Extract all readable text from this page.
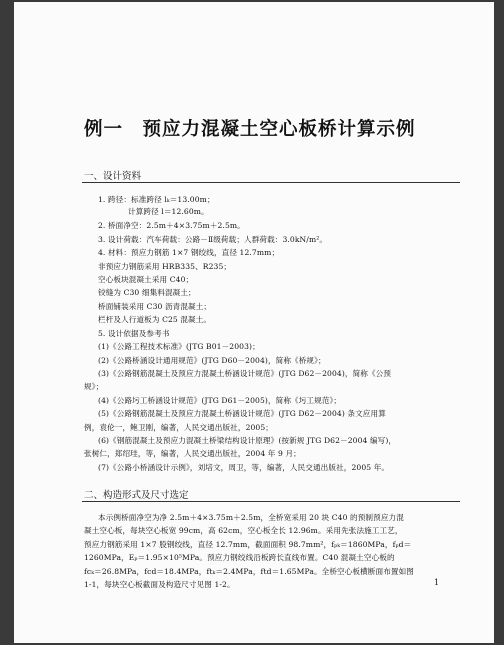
例一　预应力混凝土空心板桥计算示例
一、设计资料
1. 跨径：标准跨径 lₖ＝13.00m；
计算跨径 l＝12.60m。
2. 桥面净空：2.5m＋4×3.75m＋2.5m。
3. 设计荷载：汽车荷载：公路－Ⅱ级荷载；人群荷载：3.0kN/m²。
4. 材料：预应力钢筋 1×7 钢绞线，直径 12.7mm；
非预应力钢筋采用 HRB335、R235；
空心板块混凝土采用 C40；
铰缝为 C30 细集料混凝土；
桥面铺装采用 C30 沥青混凝土；
栏杆及人行道板为 C25 混凝土。
5. 设计依据及参考书
(1)《公路工程技术标准》(JTG B01－2003)；
(2)《公路桥涵设计通用规范》(JTG D60－2004)，简称《桥规》；
(3)《公路钢筋混凝土及预应力混凝土桥涵设计规范》(JTG D62－2004)，简称《公预
规》；
(4)《公路圬工桥涵设计规范》(JTG D61－2005)，简称《圬工规范》；
(5)《公路钢筋混凝土及预应力混凝土桥涵设计规范》(JTG D62－2004) 条文应用算
例，袁伦一，鲍卫刚，编著，人民交通出版社，2005；
(6)《钢筋混凝土及预应力混凝土桥梁结构设计原理》(按新规 JTG D62－2004 编写)，
张树仁，郑绍珪，等，编著，人民交通出版社，2004 年 9 月；
(7)《公路小桥涵设计示例》，刘培文，周卫，等，编著，人民交通出版社，2005 年。
二、构造形式及尺寸选定
本示例桥面净空为净 2.5m＋4×3.75m＋2.5m，全桥宽采用 20 块 C40 的预制预应力混
凝土空心板，每块空心板宽 99cm，高 62cm，空心板全长 12.96m。采用先张法施工工艺，
预应力钢筋采用 1×7 股钢绞线，直径 12.7mm，截面面积 98.7mm²，fₚₖ＝1860MPa，fₚd＝
1260MPa，Eₚ＝1.95×10⁵MPa。预应力钢绞线沿板跨长直线布置。C40 混凝土空心板的
fcₖ＝26.8MPa，fcd＝18.4MPa，ftₖ＝2.4MPa，ftd＝1.65MPa。全桥空心板横断面布置如图
1-1，每块空心板截面及构造尺寸见图 1-2。	1
